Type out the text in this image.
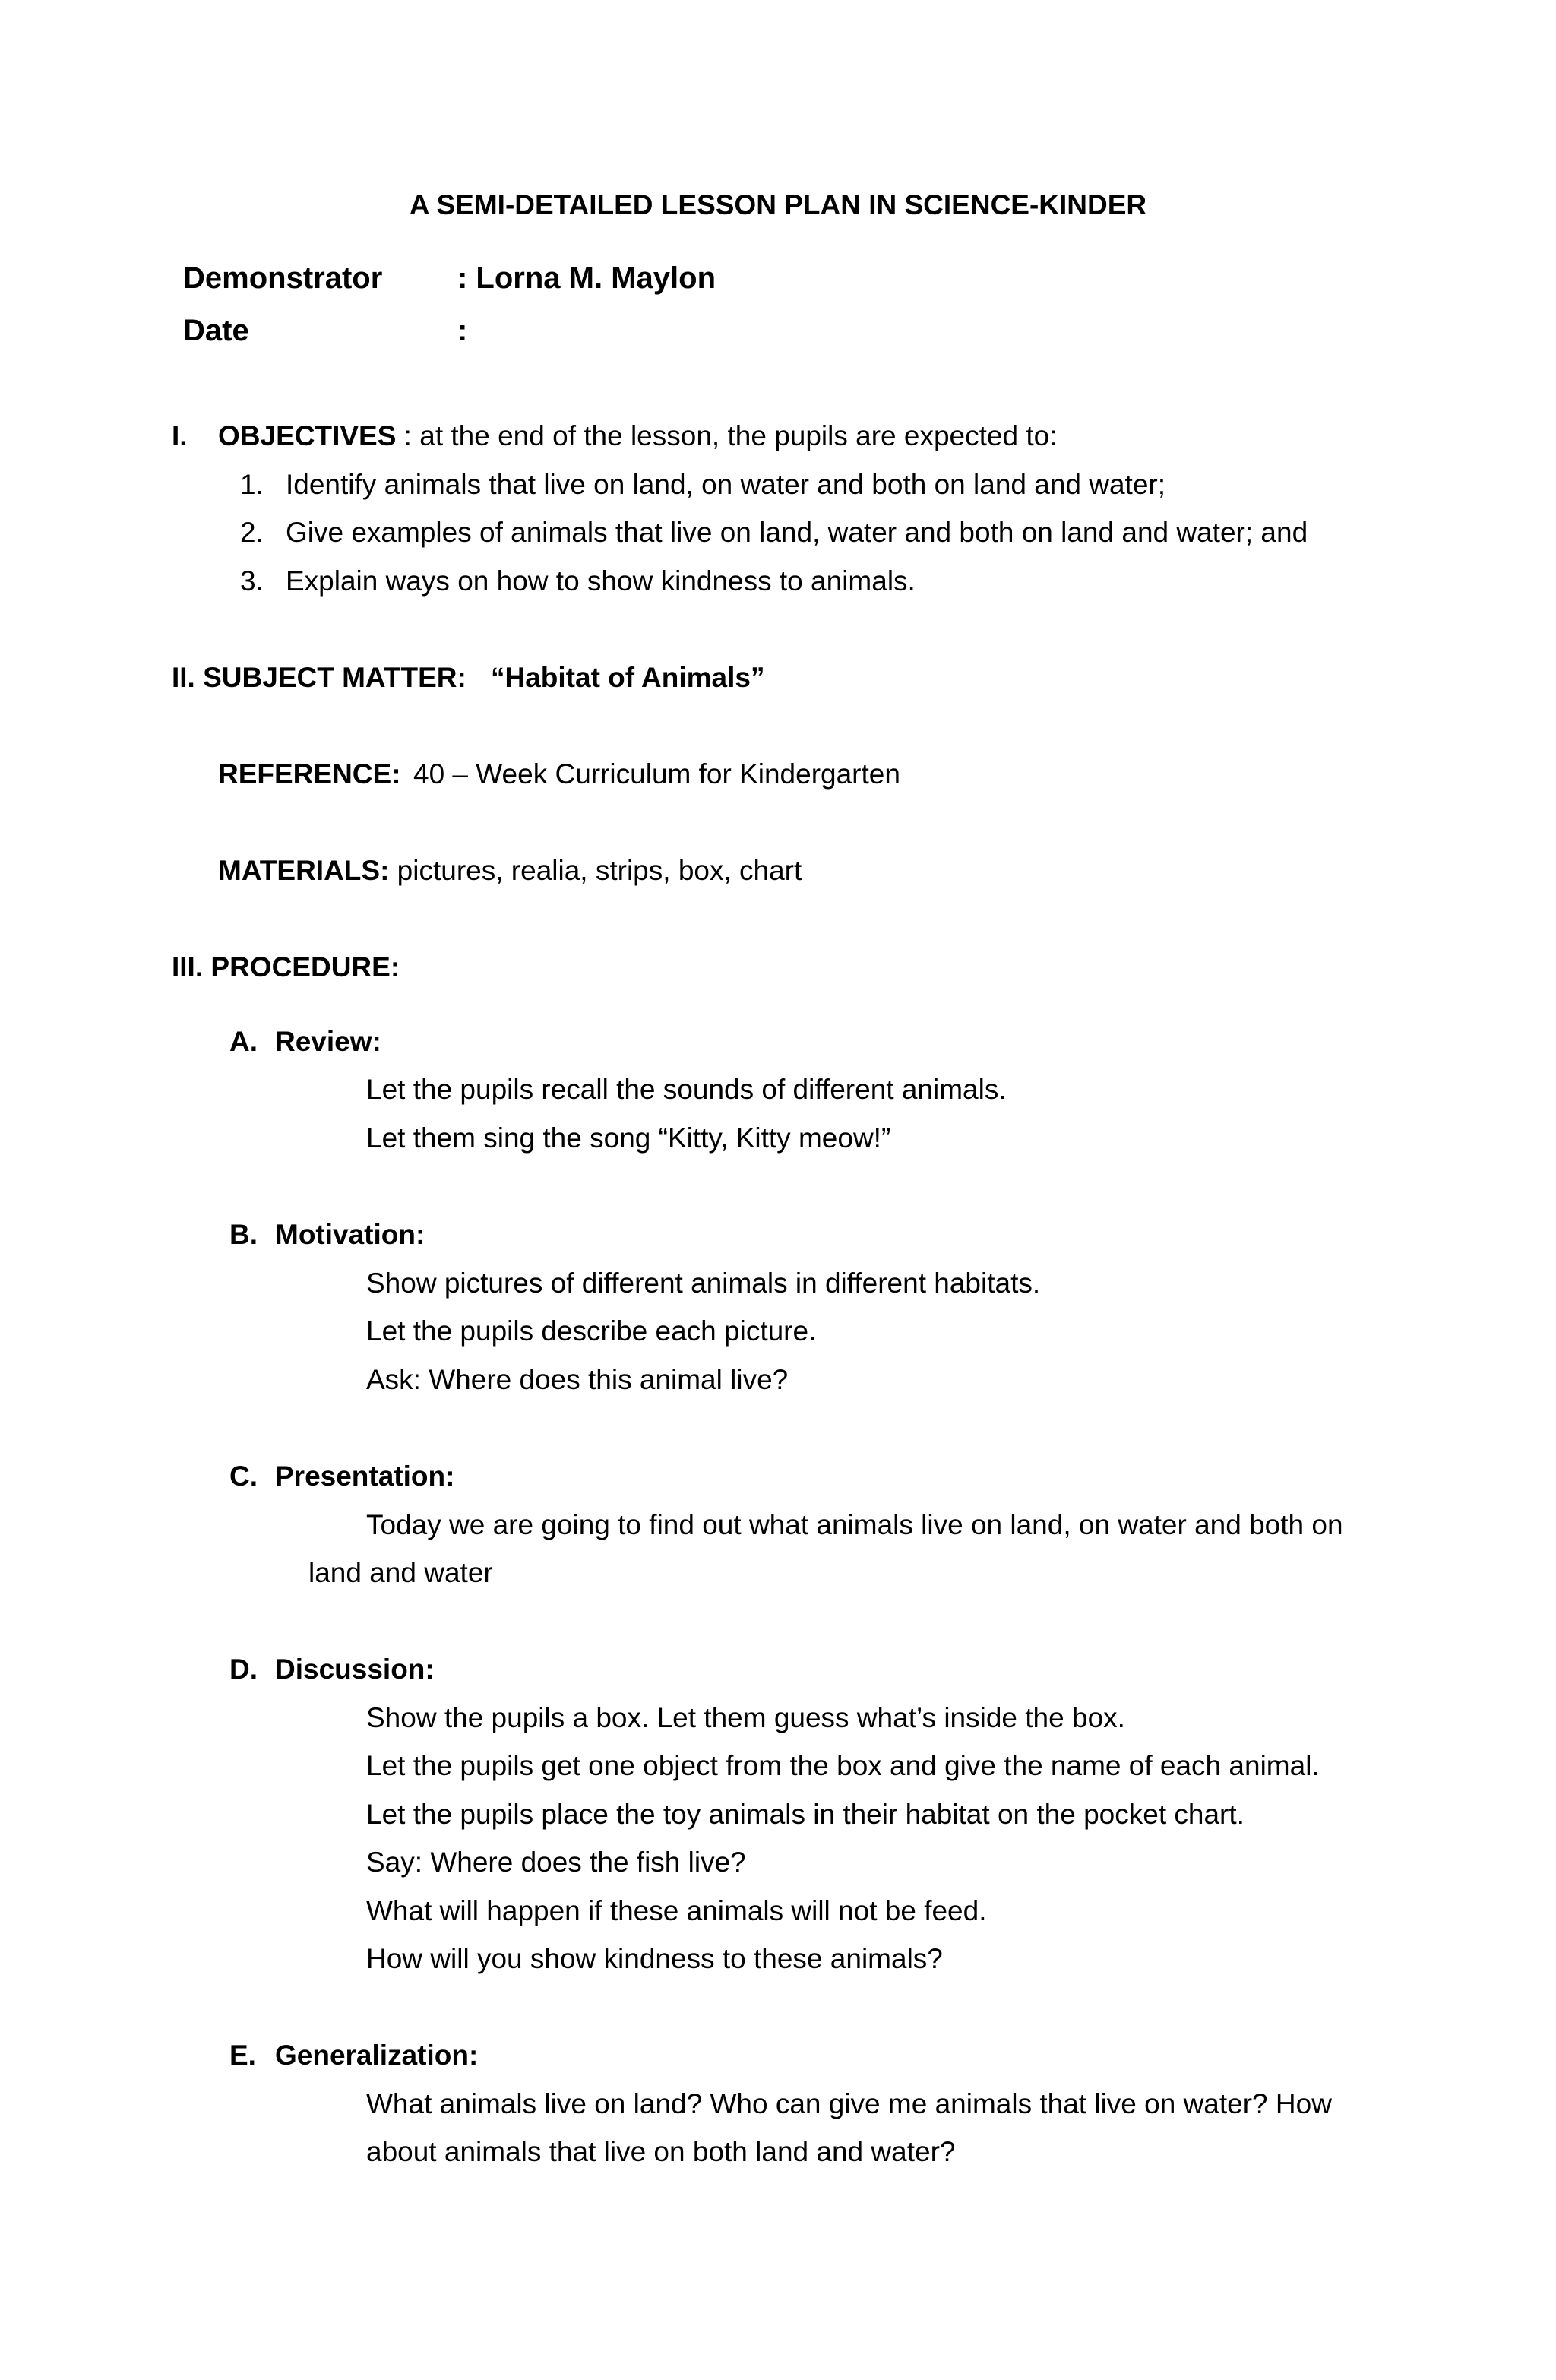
A SEMI-DETAILED LESSON PLAN IN SCIENCE-KINDER
Demonstrator : Lorna M. Maylon
Date	:
I. OBJECTIVES : at the end of the lesson, the pupils are expected to:
1. Identify animals that live on land, on water and both on land and water;
2. Give examples of animals that live on land, water and both on land and water; and
3. Explain ways on how to show kindness to animals.
II. SUBJECT MATTER: “Habitat of Animals”
REFERENCE: 40 – Week Curriculum for Kindergarten
MATERIALS: pictures, realia, strips, box, chart
III. PROCEDURE:
A. Review:
Let the pupils recall the sounds of different animals.
Let them sing the song “Kitty, Kitty meow!”
B. Motivation:
Show pictures of different animals in different habitats.
Let the pupils describe each picture.
Ask: Where does this animal live?
C. Presentation:
Today we are going to find out what animals live on land, on water and both on
land and water
D. Discussion:
Show the pupils a box. Let them guess what’s inside the box.
Let the pupils get one object from the box and give the name of each animal.
Let the pupils place the toy animals in their habitat on the pocket chart.
Say: Where does the fish live?
What will happen if these animals will not be feed.
How will you show kindness to these animals?
E. Generalization:
What animals live on land? Who can give me animals that live on water? How
about animals that live on both land and water?
